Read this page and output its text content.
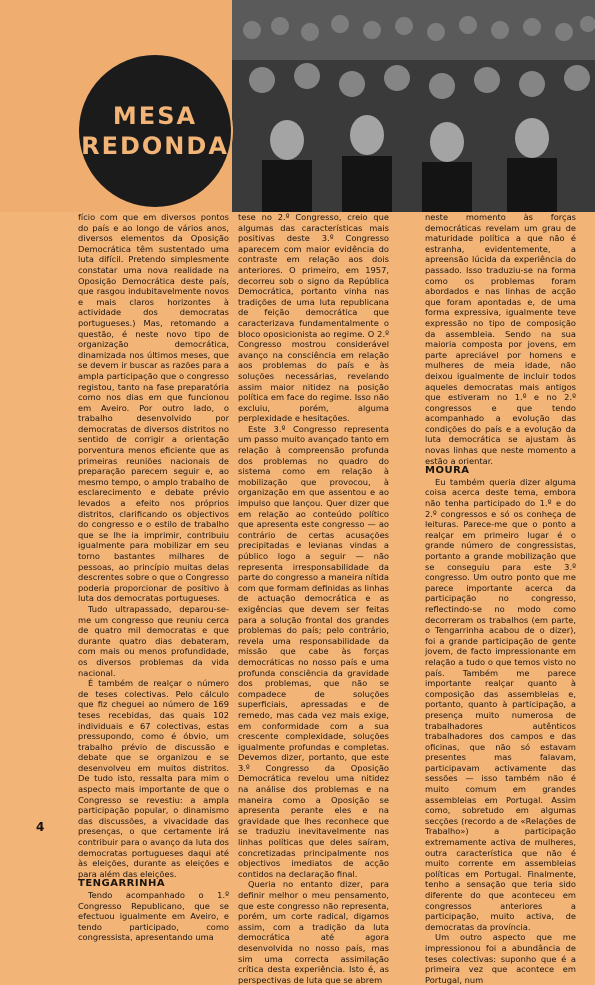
MESA
REDONDA

fício com que em diversos pontos do país e ao longo de vários anos, diversos elementos da Oposição Democrática têm sustentado uma luta difícil. Pretendo simplesmente constatar uma nova realidade na Oposição Democrática deste país, que rasgou indubitavelmente novos e mais claros horizontes à actividade dos democratas portugueses.) Mas, retomando a questão, é neste novo tipo de organização democrática, dinamizada nos últimos meses, que se devem ir buscar as razões para a ampla participação que o congresso registou, tanto na fase preparatória como nos dias em que funcionou em Aveiro. Por outro lado, o trabalho desenvolvido por democratas de diversos distritos no sentido de corrigir a orientação porventura menos eficiente que as primeiras reuniões nacionais de preparação parecem seguir e, ao mesmo tempo, o amplo trabalho de esclarecimento e debate prévio levados a efeito nos próprios distritos, clarificando os objectivos do congresso e o estilo de trabalho que se lhe ia imprimir, contribuiu igualmente para mobilizar em seu torno bastantes milhares de pessoas, ao princípio muitas delas descrentes sobre o que o Congresso poderia proporcionar de positivo à luta dos democratas portugueses.

Tudo ultrapassado, deparou-se-me um congresso que reuniu cerca de quatro mil democratas e que durante quatro dias debateram, com mais ou menos profundidade, os diversos problemas da vida nacional.

É também de realçar o número de teses colectivas. Pelo cálculo que fiz cheguei ao número de 169 teses recebidas, das quais 102 individuais e 67 colectivas, estas pressupondo, como é óbvio, um trabalho prévio de discussão e debate que se organizou e se desenvolveu em muitos distritos. De tudo isto, ressalta para mim o aspecto mais importante de que o Congresso se revestiu: a ampla participação popular, o dinamismo das discussões, a vivacidade das presenças, o que certamente irá contribuir para o avanço da luta dos democratas portugueses daqui até às eleições, durante as eleições e para além das eleições.

TENGARRINHA

Tendo acompanhado o 1.º Congresso Republicano, que se efectuou igualmente em Aveiro, e tendo participado, como congressista, apresentando uma

tese no 2.º Congresso, creio que algumas das características mais positivas deste 3.º Congresso aparecem com maior evidência do contraste em relação aos dois anteriores. O primeiro, em 1957, decorreu sob o signo da República Democrática, portanto vinha nas tradições de uma luta republicana de feição democrática que caracterizava fundamentalmente o bloco oposicionista ao regime. O 2.º Congresso mostrou considerável avanço na consciência em relação aos problemas do país e às soluções necessárias, revelando assim maior nitidez na posição política em face do regime. Isso não excluiu, porém, alguma perplexidade e hesitações.

Este 3.º Congresso representa um passo muito avançado tanto em relação à compreensão profunda dos problemas no quadro do sistema como em relação à mobilização que provocou, à organização em que assentou e ao impulso que lançou. Quer dizer que em relação ao conteúdo político que apresenta este congresso — ao contrário de certas acusações precipitadas e levianas vindas a público logo a seguir — não representa irresponsabilidade da parte do congresso a maneira nítida com que formam definidas as linhas de actuação democrática e as exigências que devem ser feitas para a solução frontal dos grandes problemas do país; pelo contrário, revela uma responsabilidade da missão que cabe às forças democráticas no nosso país e uma profunda consciência da gravidade dos problemas, que não se compadece de soluções superficiais, apressadas e de remedo, mas cada vez mais exige, em conformidade com a sua crescente complexidade, soluções igualmente profundas e completas. Devemos dizer, portanto, que este 3.º Congresso da Oposição Democrática revelou uma nitidez na análise dos problemas e na maneira como a Oposição se apresenta perante eles e na gravidade que lhes reconhece que se traduziu inevitavelmente nas linhas políticas que deles saíram, concretizadas principalmente nos objectivos imediatos de acção contidos na declaração final.

Queria no entanto dizer, para definir melhor o meu pensamento, que este congresso não representa, porém, um corte radical, digamos assim, com a tradição da luta democrática até agora desenvolvida no nosso país, mas sim uma correcta assimilação crítica desta experiência. Isto é, as perspectivas de luta que se abrem

neste momento às forças democráticas revelam um grau de maturidade política a que não é estranha, evidentemente, a apreensão lúcida da experiência do passado. Isso traduziu-se na forma como os problemas foram abordados e nas linhas de acção que foram apontadas e, de uma forma expressiva, igualmente teve expressão no tipo de composição da assembleia. Sendo na sua maioria composta por jovens, em parte apreciável por homens e mulheres de meia idade, não deixou igualmente de incluir todos aqueles democratas mais antigos que estiveram no 1.º e no 2.º congressos e que tendo acompanhado a evolução das condições do país e a evolução da luta democrática se ajustam às novas linhas que neste momento a estão a orientar.

MOURA

Eu também queria dizer alguma coisa acerca deste tema, embora não tenha participado do 1.º e do 2.º congressos e só os conheça de leituras. Parece-me que o ponto a realçar em primeiro lugar é o grande número de congressistas, portanto a grande mobilização que se conseguiu para este 3.º congresso. Um outro ponto que me parece importante acerca da participação no congresso, reflectindo-se no modo como decorreram os trabalhos (em parte, o Tengarrinha acabou de o dizer), foi a grande participação de gente jovem, de facto impressionante em relação a tudo o que temos visto no país. Também me parece importante realçar quanto à composição das assembleias e, portanto, quanto à participação, a presença muito numerosa de trabalhadores autênticos trabalhadores dos campos e das oficinas, que não só estavam presentes mas falavam, participavam activamente das sessões — isso também não é muito comum em grandes assembleias em Portugal. Assim como, sobretudo em algumas secções (recordo a de «Relações de Trabalho») a participação extremamente activa de mulheres, outra característica que não é muito corrente em assembleias políticas em Portugal. Finalmente, tenho a sensação que teria sido diferente do que aconteceu em congressos anteriores a participação, muito activa, de democratas da província.

Um outro aspecto que me impressionou foi a abundância de teses colectivas: suponho que é a primeira vez que acontece em Portugal, num

4
